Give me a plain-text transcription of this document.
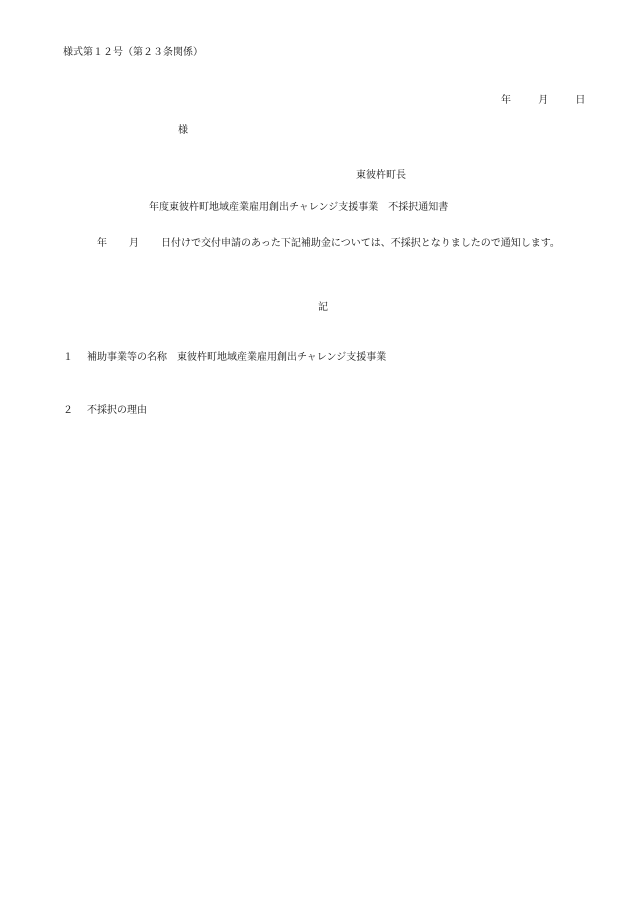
様式第１２号（第２３条関係）
年	月	日
様
東彼杵町長
年度東彼杵町地域産業雇用創出チャレンジ支援事業　不採択通知書
年 月 日付けで交付申請のあった下記補助金については、不採択となりましたので通知します。
記
１ 補助事業等の名称 東彼杵町地域産業雇用創出チャレンジ支援事業
２ 不採択の理由
